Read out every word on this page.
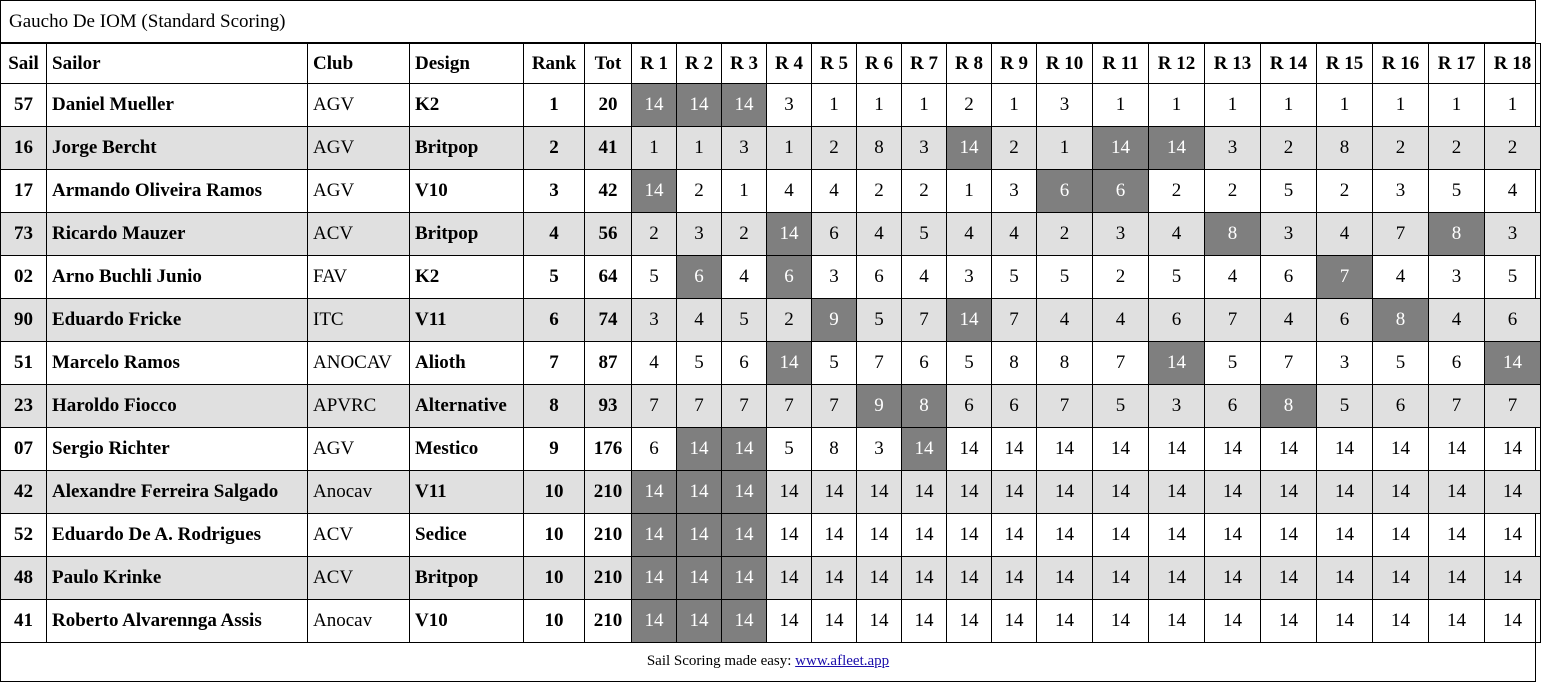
Gaucho De IOM (Standard Scoring)
Sail	Sailor	Club	Design	Rank	Tot	R 1	R 2	R 3	R 4	R 5	R 6	R 7	R 8	R 9	R 10	R 11	R 12	R 13	R 14	R 15	R 16	R 17	R 18
57	Daniel Mueller	AGV	K2	1	20	14	14	14	3	1	1	1	2	1	3	1	1	1	1	1	1	1	1
16	Jorge Bercht	AGV	Britpop	2	41	1	1	3	1	2	8	3	14	2	1	14	14	3	2	8	2	2	2
17	Armando Oliveira Ramos	AGV	V10	3	42	14	2	1	4	4	2	2	1	3	6	6	2	2	5	2	3	5	4
73	Ricardo Mauzer	ACV	Britpop	4	56	2	3	2	14	6	4	5	4	4	2	3	4	8	3	4	7	8	3
02	Arno Buchli Junio	FAV	K2	5	64	5	6	4	6	3	6	4	3	5	5	2	5	4	6	7	4	3	5
90	Eduardo Fricke	ITC	V11	6	74	3	4	5	2	9	5	7	14	7	4	4	6	7	4	6	8	4	6
51	Marcelo Ramos	ANOCAV	Alioth	7	87	4	5	6	14	5	7	6	5	8	8	7	14	5	7	3	5	6	14
23	Haroldo Fiocco	APVRC	Alternative	8	93	7	7	7	7	7	9	8	6	6	7	5	3	6	8	5	6	7	7
07	Sergio Richter	AGV	Mestico	9	176	6	14	14	5	8	3	14	14	14	14	14	14	14	14	14	14	14	14
42	Alexandre Ferreira Salgado	Anocav	V11	10	210	14	14	14	14	14	14	14	14	14	14	14	14	14	14	14	14	14	14
52	Eduardo De A. Rodrigues	ACV	Sedice	10	210	14	14	14	14	14	14	14	14	14	14	14	14	14	14	14	14	14	14
48	Paulo Krinke	ACV	Britpop	10	210	14	14	14	14	14	14	14	14	14	14	14	14	14	14	14	14	14	14
41	Roberto Alvarennga Assis	Anocav	V10	10	210	14	14	14	14	14	14	14	14	14	14	14	14	14	14	14	14	14	14
Sail Scoring made easy: www.afleet.app
